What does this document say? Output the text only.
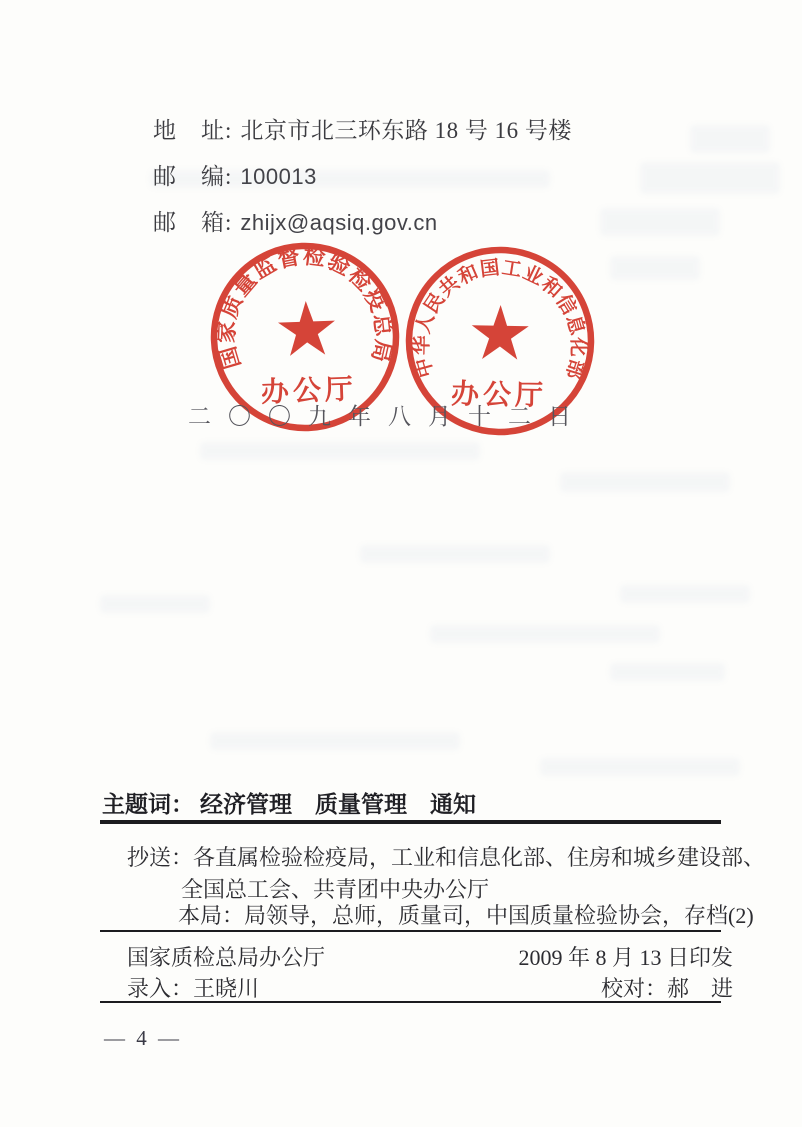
地　址: 北京市北三环东路 18 号 16 号楼
邮　编: 100013
邮　箱: zhijx@aqsiq.gov.cn
二〇〇九年八月十二日
国家质量监督检验检疫总局
办公厅
中华人民共和国工业和信息化部
办公厅
主题词： 经济管理　质量管理　通知
抄送：各直属检验检疫局，工业和信息化部、住房和城乡建设部、
全国总工会、共青团中央办公厅
本局：局领导，总师，质量司，中国质量检验协会，存档(2)
国家质检总局办公厅	2009 年 8 月 13 日印发
录入：王晓川	校对：郝　进
— 4 —
